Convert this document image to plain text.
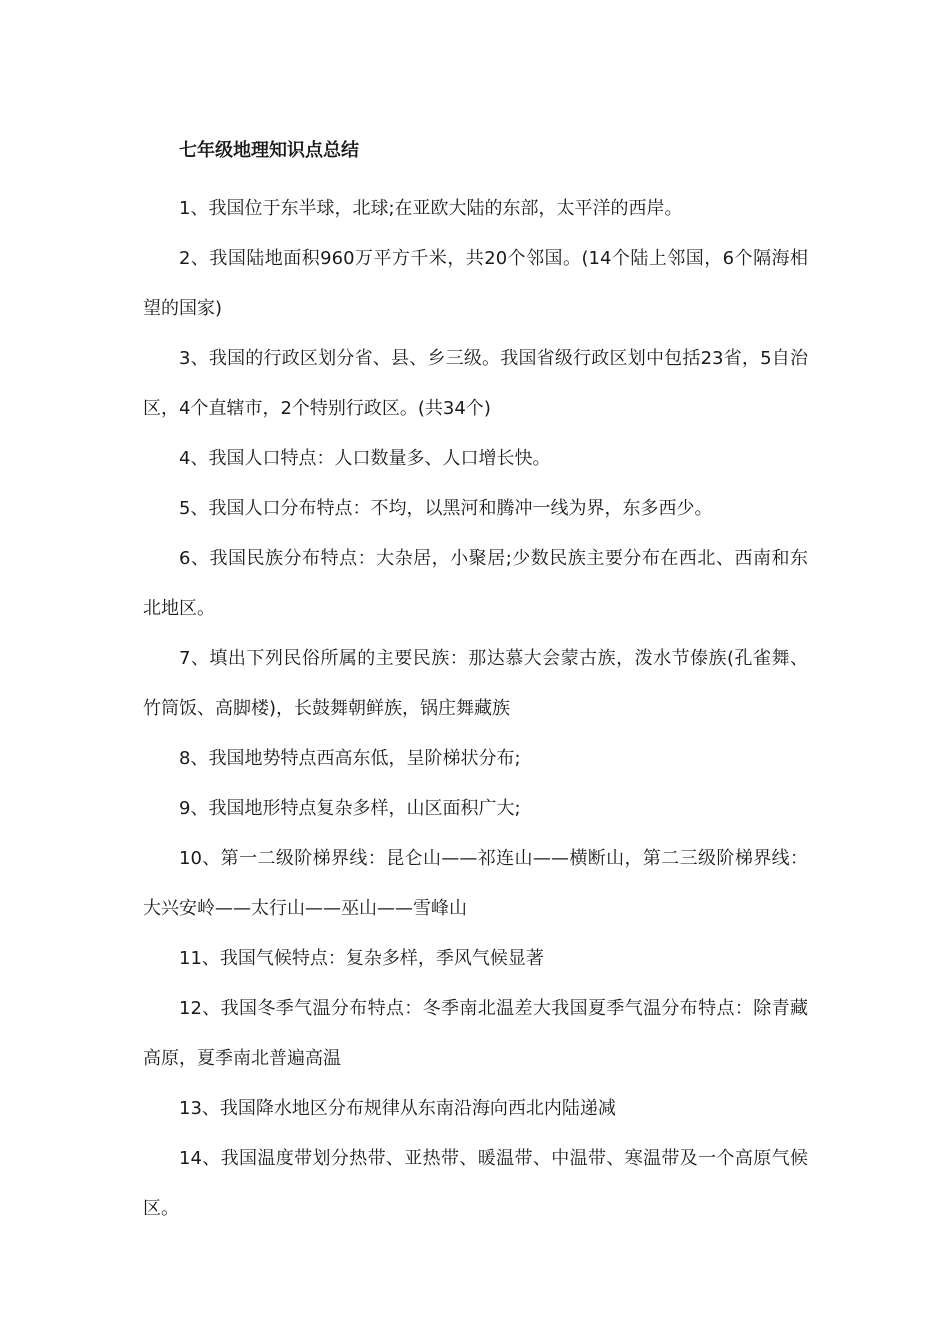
七年级地理知识点总结

1、我国位于东半球，北球;在亚欧大陆的东部，太平洋的西岸。

2、我国陆地面积960万平方千米，共20个邻国。(14个陆上邻国，6个隔海相望的国家)

3、我国的行政区划分省、县、乡三级。我国省级行政区划中包括23省，5自治区，4个直辖市，2个特别行政区。(共34个)

4、我国人口特点：人口数量多、人口增长快。

5、我国人口分布特点：不均，以黑河和腾冲一线为界，东多西少。

6、我国民族分布特点：大杂居，小聚居;少数民族主要分布在西北、西南和东北地区。

7、填出下列民俗所属的主要民族：那达慕大会蒙古族，泼水节傣族(孔雀舞、竹筒饭、高脚楼)，长鼓舞朝鲜族，锅庄舞藏族

8、我国地势特点西高东低，呈阶梯状分布;

9、我国地形特点复杂多样，山区面积广大;

10、第一二级阶梯界线：昆仑山——祁连山——横断山，第二三级阶梯界线：大兴安岭——太行山——巫山——雪峰山

11、我国气候特点：复杂多样，季风气候显著

12、我国冬季气温分布特点：冬季南北温差大我国夏季气温分布特点：除青藏高原，夏季南北普遍高温

13、我国降水地区分布规律从东南沿海向西北内陆递减

14、我国温度带划分热带、亚热带、暖温带、中温带、寒温带及一个高原气候区。
